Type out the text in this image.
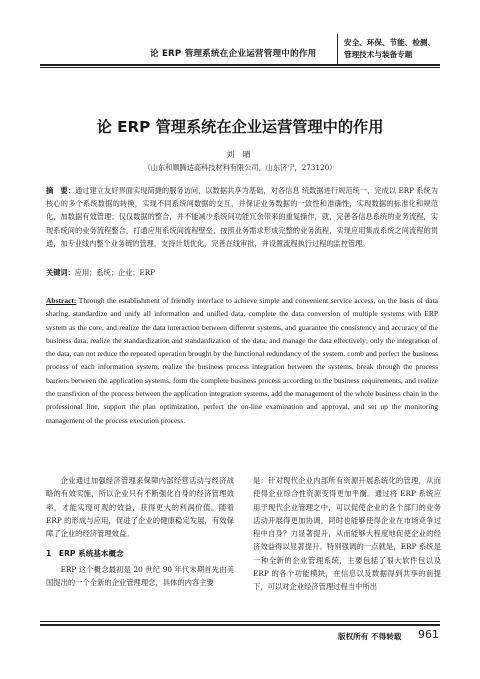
论 ERP 管理系统在企业运营管理中的作用
安全、环保、节能、检测、
管理技术与装备专题
论 ERP 管理系统在企业运营管理中的作用
刘 晴
（山东和顺腾达高科技材料有限公司，山东济宁，273120）
摘　要：通过建立友好界面实现简捷的服务访问，以数据共享为基础，对各信息 统数据进行规范统一，完成以 ERP 系统为核心的多个系统数据的转换，实现不同系统间数据的交互，并保证业务数据的一致性和准确性，实现数据的标准化和规范化，加数据有效管理；仅仅数据的整合，并不能减少系统间功能冗余带来的重复操作，就，完善各信息系统的业务流程，实现系统间的业务流程整合，打通应用系统间流程壁垒，按照业务需求形成完整的业务流程，实现应用集成系统之间流程的贯通，加专业线内整个业务链的管理，支持计划优化，完善在线审批，并设置流程执行过程的监控管理。
关键词：应用；系统；企业；ERP
Abstract: Through the establishment of friendly interface to achieve simple and convenient service access, on the basis of data sharing, standardize and unify all information and unified data, complete the data conversion of multiple systems with ERP system as the core, and realize the data interaction between different systems, and guarantee the consistency and accuracy of the business data, realize the standardization and standardization of the data, and manage the data effectively; only the integration of the data, can not reduce the repeated operation brought by the functional redundancy of the system, comb and perfect the business process of each information system, realize the business process integration between the systems, break through the process barriers between the application systems, form the complete business process according to the business requirements, and realize the transfixion of the process between the application integration systems, add the management of the whole business chain in the professional line, support the plan optimization, perfect the on-line examination and approval, and set up the monitoring management of the process execution process.
企业通过加强经济管理来保障内部经营活动与经济战略的有效实施，所以企业只有不断强化自身的经济管理效率，才能实现可观的效益，获得更大的利润价值。随着 ERP 的形成与应用，促进了企业的健康稳定发展，有效保障了企业的经济管理效益。
1　ERP 系统基本概念
ERP 这个概念最初是 20 世纪 90 年代末期首先由美国提出的一个全新的企业管理理念，具体的内容主要
是：针对现代企业内部所有资源开展系统化的管理，从而使得企业综合性资源变得更加平衡。通过将 ERP 系统应用于现代企业管理之中，可以促使企业的各个部门的业务活动开展得更加协调，同时也能够使得企业在市场竞争过程中自身？力显著提升，从而能够大程度地促使企业的经济效益得以显著提升。特别强调的一点就是，ERP 系统是一种全新的企业管理系统，主要包括了很大软件包以及 ERP 的各个功能模块，在信息以及数据得到共享的前提下，可以对企业经济管理过程当中所出
版权所有 不得转载 961
